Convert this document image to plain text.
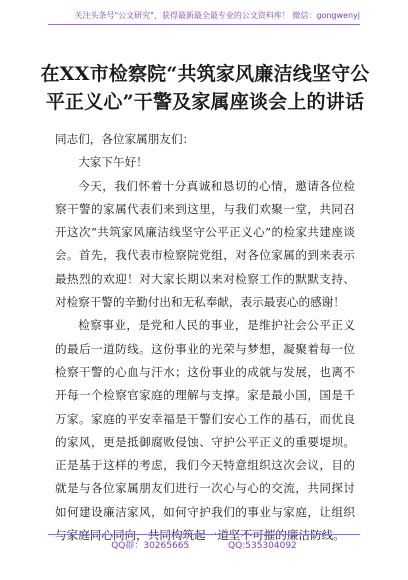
关注头条号"公文研究"，获得最新最全最专业的公文资料库！ 微信：gongwenyj
在XX市检察院“共筑家风廉洁线坚守公
平正义心”干警及家属座谈会上的讲话

同志们，各位家属朋友们：

大家下午好！

今天，我们怀着十分真诚和恳切的心情，邀请各位检察干警的家属代表们来到这里，与我们欢聚一堂，共同召开这次“共筑家风廉洁线坚守公平正义心”的检家共建座谈会。首先，我代表市检察院党组，对各位家属的到来表示最热烈的欢迎！对大家长期以来对检察工作的默默支持、对检察干警的辛勤付出和无私奉献，表示最衷心的感谢！

检察事业，是党和人民的事业，是维护社会公平正义的最后一道防线。这份事业的光荣与梦想，凝聚着每一位检察干警的心血与汗水；这份事业的成就与发展，也离不开每一个检察官家庭的理解与支撑。家是最小国，国是千万家。家庭的平安幸福是干警们安心工作的基石，而优良的家风，更是抵御腐败侵蚀、守护公平正义的重要堤坝。正是基于这样的考虑，我们今天特意组织这次会议，目的就是与各位家属朋友们进行一次心与心的交流，共同探讨如何建设廉洁家风，如何守护我们的事业与家庭，让组织与家庭同心同向，共同构筑起一道坚不可摧的廉洁防线。

QQ群：30265665	QQ:535304092
